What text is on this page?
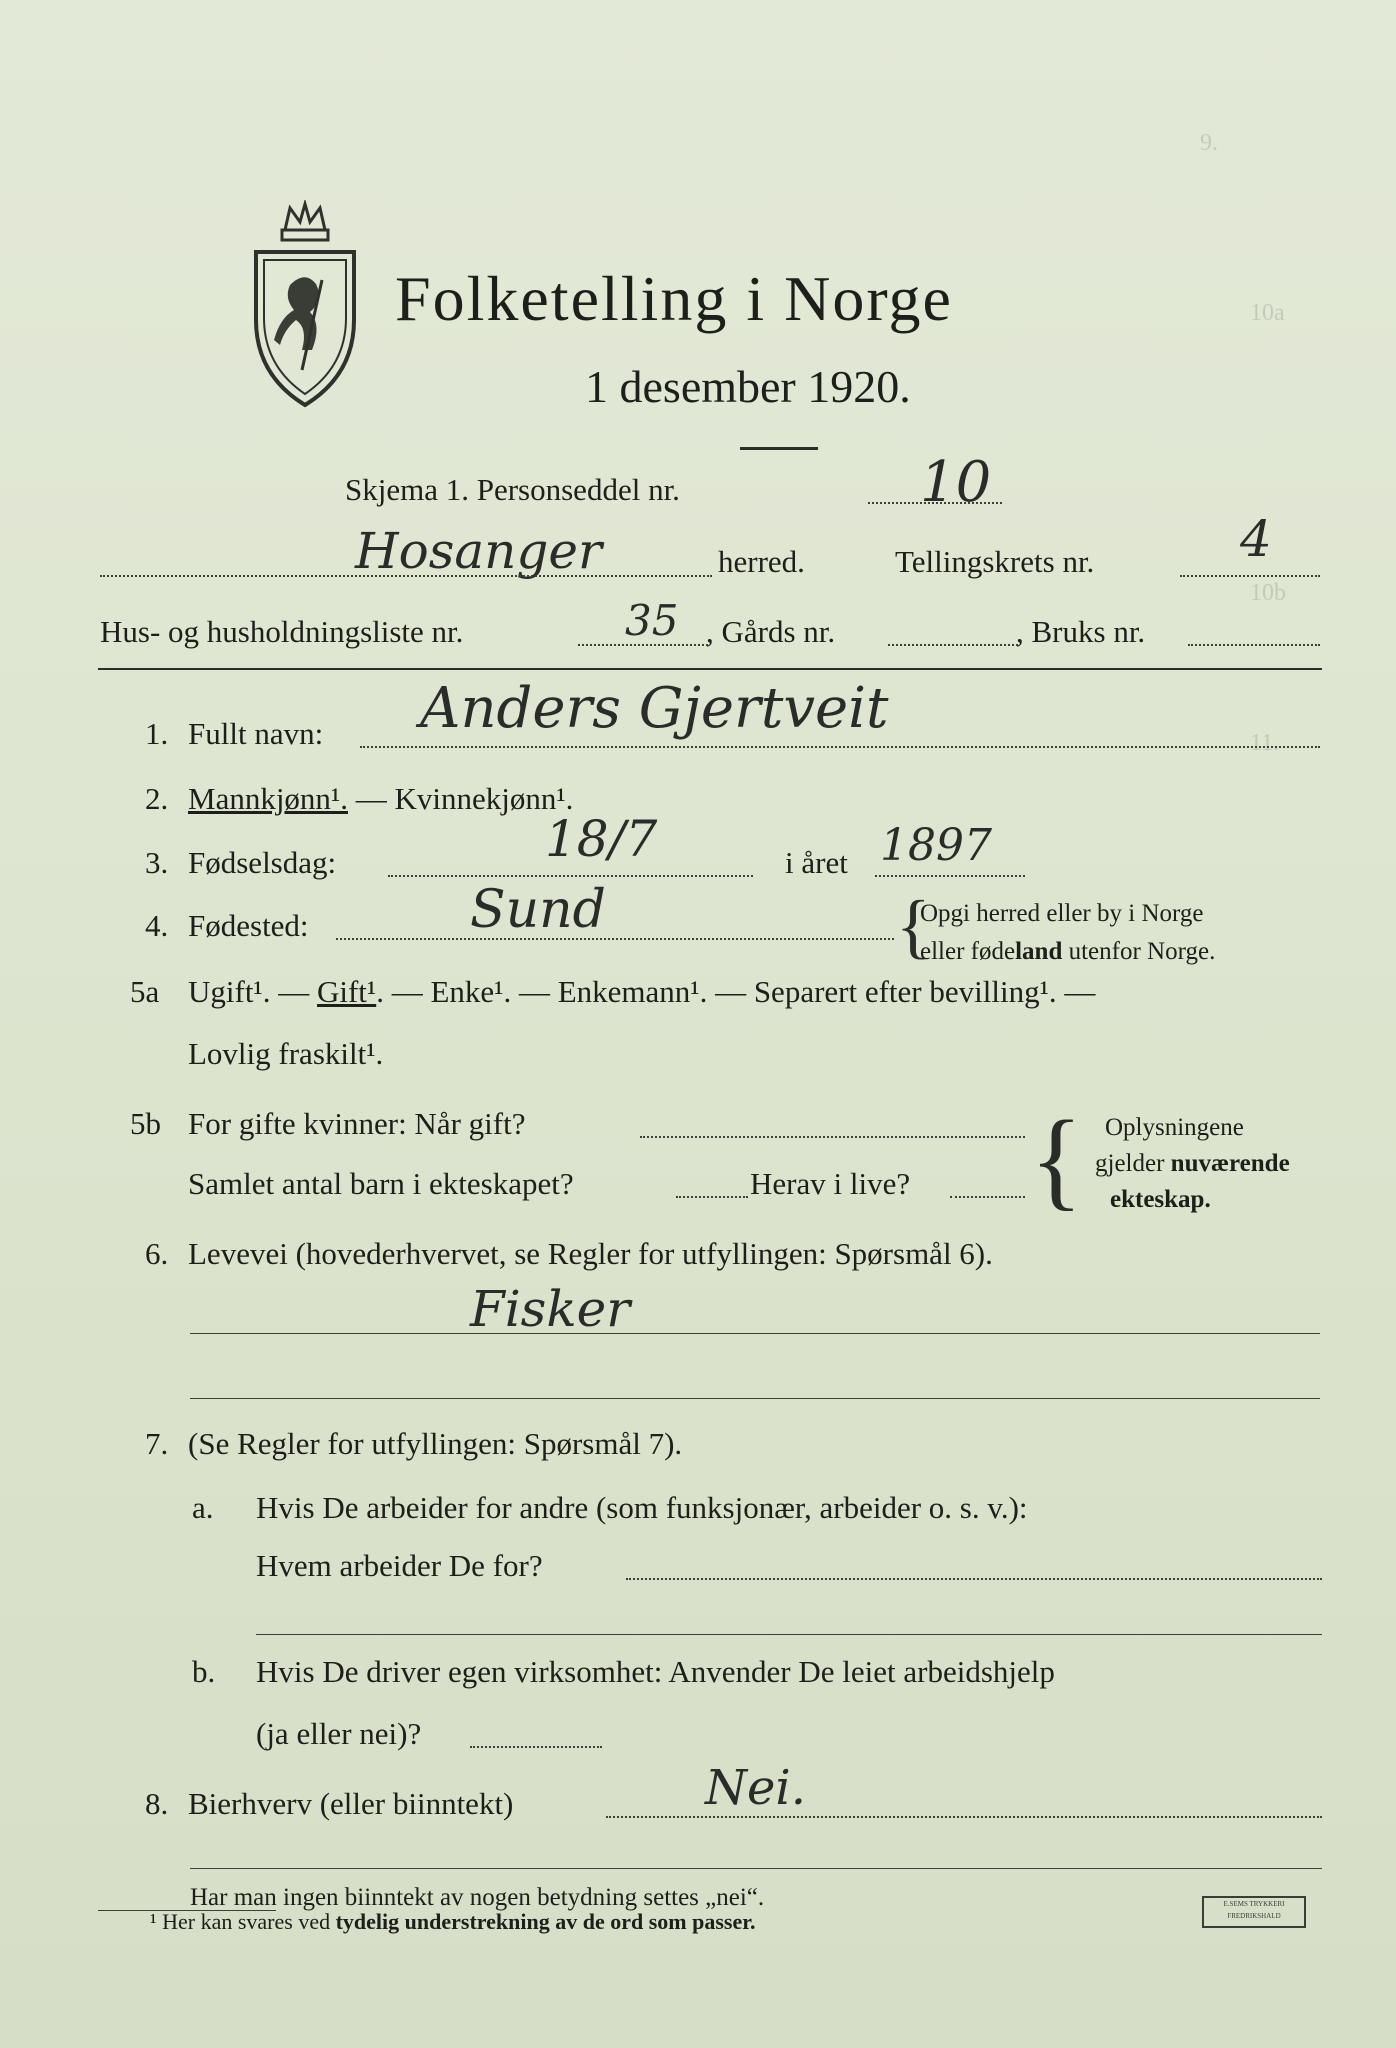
9.
10a
10b
11.
Folketelling i Norge
1 desember 1920.
Skjema 1. Personseddel nr.	10
Hosanger	herred.	Tellingskrets nr.	4
Hus- og husholdningsliste nr.	35 , Gårds nr.	, Bruks nr.
1. Fullt navn: Anders Gjertveit
2. Mannkjønn¹. — Kvinnekjønn¹.
3. Fødselsdag:	18/7	i året 1897
4. Fødested:	Sund	{
Opgi herred eller by i Norge
eller fødeland utenfor Norge.
5a Ugift¹. — Gift¹. — Enke¹. — Enkemann¹. — Separert efter bevilling¹. —
Lovlig fraskilt¹.
5b For gifte kvinner: Når gift?
Samlet antal barn i ekteskapet?	Herav i live? { Oplysningene
gjelder nuværende
ekteskap.
6. Levevei (hovederhvervet, se Regler for utfyllingen: Spørsmål 6).
Fisker
7. (Se Regler for utfyllingen: Spørsmål 7).
a. Hvis De arbeider for andre (som funksjonær, arbeider o. s. v.):
Hvem arbeider De for?
b. Hvis De driver egen virksomhet: Anvender De leiet arbeidshjelp
(ja eller nei)?
8. Bierhverv (eller biinntekt)	Nei.
Har man ingen biinntekt av nogen betydning settes „nei“.
¹ Her kan svares ved tydelig understrekning av de ord som passer.
E.SEMS TRYKKERI FREDRIKSHALD
